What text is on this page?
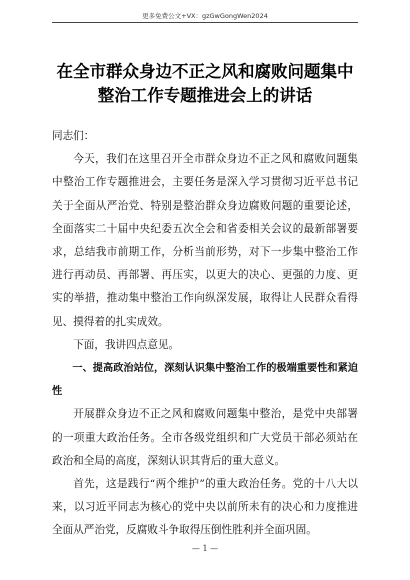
更多免费公文+VX：gzGwGongWen2024
在全市群众身边不正之风和腐败问题集中
整治工作专题推进会上的讲话

同志们：

今天，我们在这里召开全市群众身边不正之风和腐败问题集中整治工作专题推进会，主要任务是深入学习贯彻习近平总书记关于全面从严治党、特别是整治群众身边腐败问题的重要论述，全面落实二十届中央纪委五次全会和省委相关会议的最新部署要求，总结我市前期工作，分析当前形势，对下一步集中整治工作进行再动员、再部署、再压实，以更大的决心、更强的力度、更实的举措，推动集中整治工作向纵深发展，取得让人民群众看得见、摸得着的扎实成效。

下面，我讲四点意见。

一、提高政治站位，深刻认识集中整治工作的极端重要性和紧迫性

开展群众身边不正之风和腐败问题集中整治，是党中央部署的一项重大政治任务。全市各级党组织和广大党员干部必须站在政治和全局的高度，深刻认识其背后的重大意义。

首先，这是践行“两个维护”的重大政治任务。党的十八大以来，以习近平同志为核心的党中央以前所未有的决心和力度推进全面从严治党，反腐败斗争取得压倒性胜利并全面巩固。

— 1 —
